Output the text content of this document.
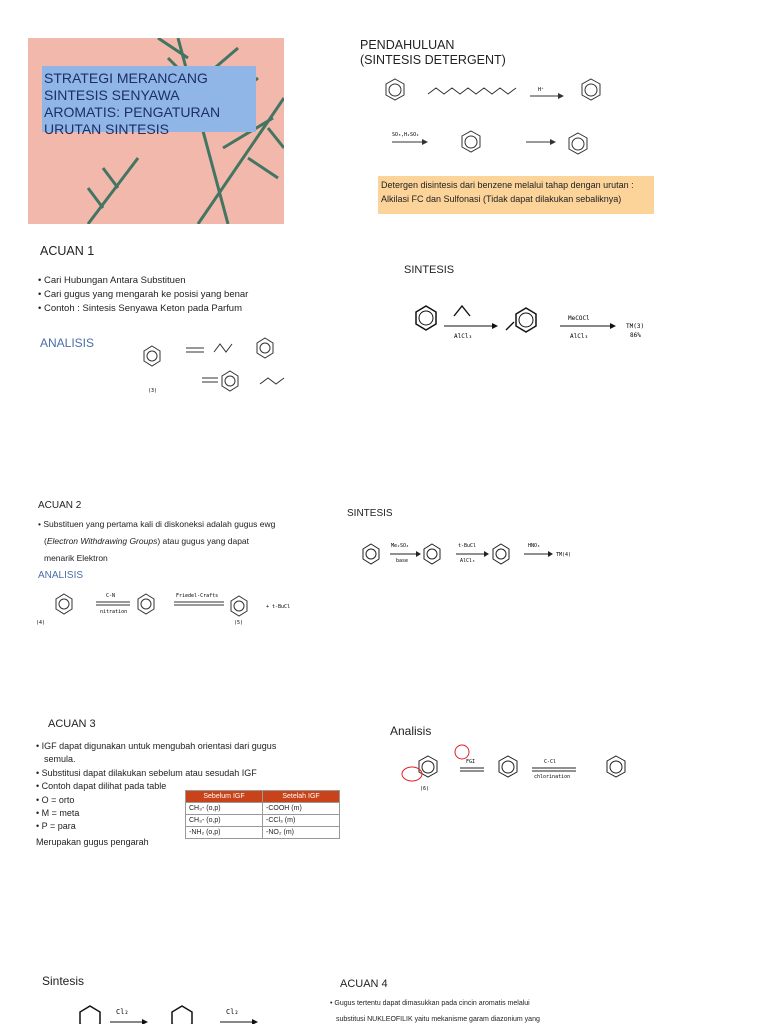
STRATEGI MERANCANG SINTESIS SENYAWA AROMATIS: PENGATURAN URUTAN SINTESIS
PENDAHULUAN
(SINTESIS DETERGENT)
H⁺
SO₃,H₂SO₄
Detergen disintesis dari benzene melalui tahap dengan urutan : Alkilasi FC dan Sulfonasi (Tidak dapat dilakukan sebaliknya)
ACUAN 1
• Cari Hubungan Antara Substituen
• Cari gugus yang mengarah ke posisi yang benar
• Contoh : Sintesis Senyawa Keton pada Parfum
ANALISIS
(3)
SINTESIS
AlCl₃
MeCOCl
AlCl₃
TM(3)
86%
ACUAN 2
• Substituen yang pertama kali di diskoneksi adalah gugus ewg
(Electron Withdrawing Groups) atau gugus yang dapat
menarik Elektron
ANALISIS
(4)
C-N
nitration
Friedel-Crafts
(5)
+ t-BuCl
SINTESIS
Me₂SO₄
base
t-BuCl
AlCl₃
HNO₃
TM(4)
ACUAN 3
• IGF dapat digunakan untuk mengubah orientasi dari gugus semula.
• Substitusi dapat dilakukan sebelum atau sesudah IGF
• Contoh dapat dilihat pada table
• O = orto
• M = meta
• P = para
Merupakan gugus pengarah
Sebelum IGF	Setelah IGF
CH₃- (o,p)	-COOH (m)
CH₃- (o,p)	-CCl₃ (m)
-NH₂ (o,p)	-NO₂ (m)
Analisis
(6)
FGI	C-Cl
chlorination
Sintesis
Cl₂	Cl₂
ACUAN 4
• Gugus tertentu dapat dimasukkan pada cincin aromatis melalui
substitusi NUKLEOFILIK yaitu mekanisme garam diazonium yang
